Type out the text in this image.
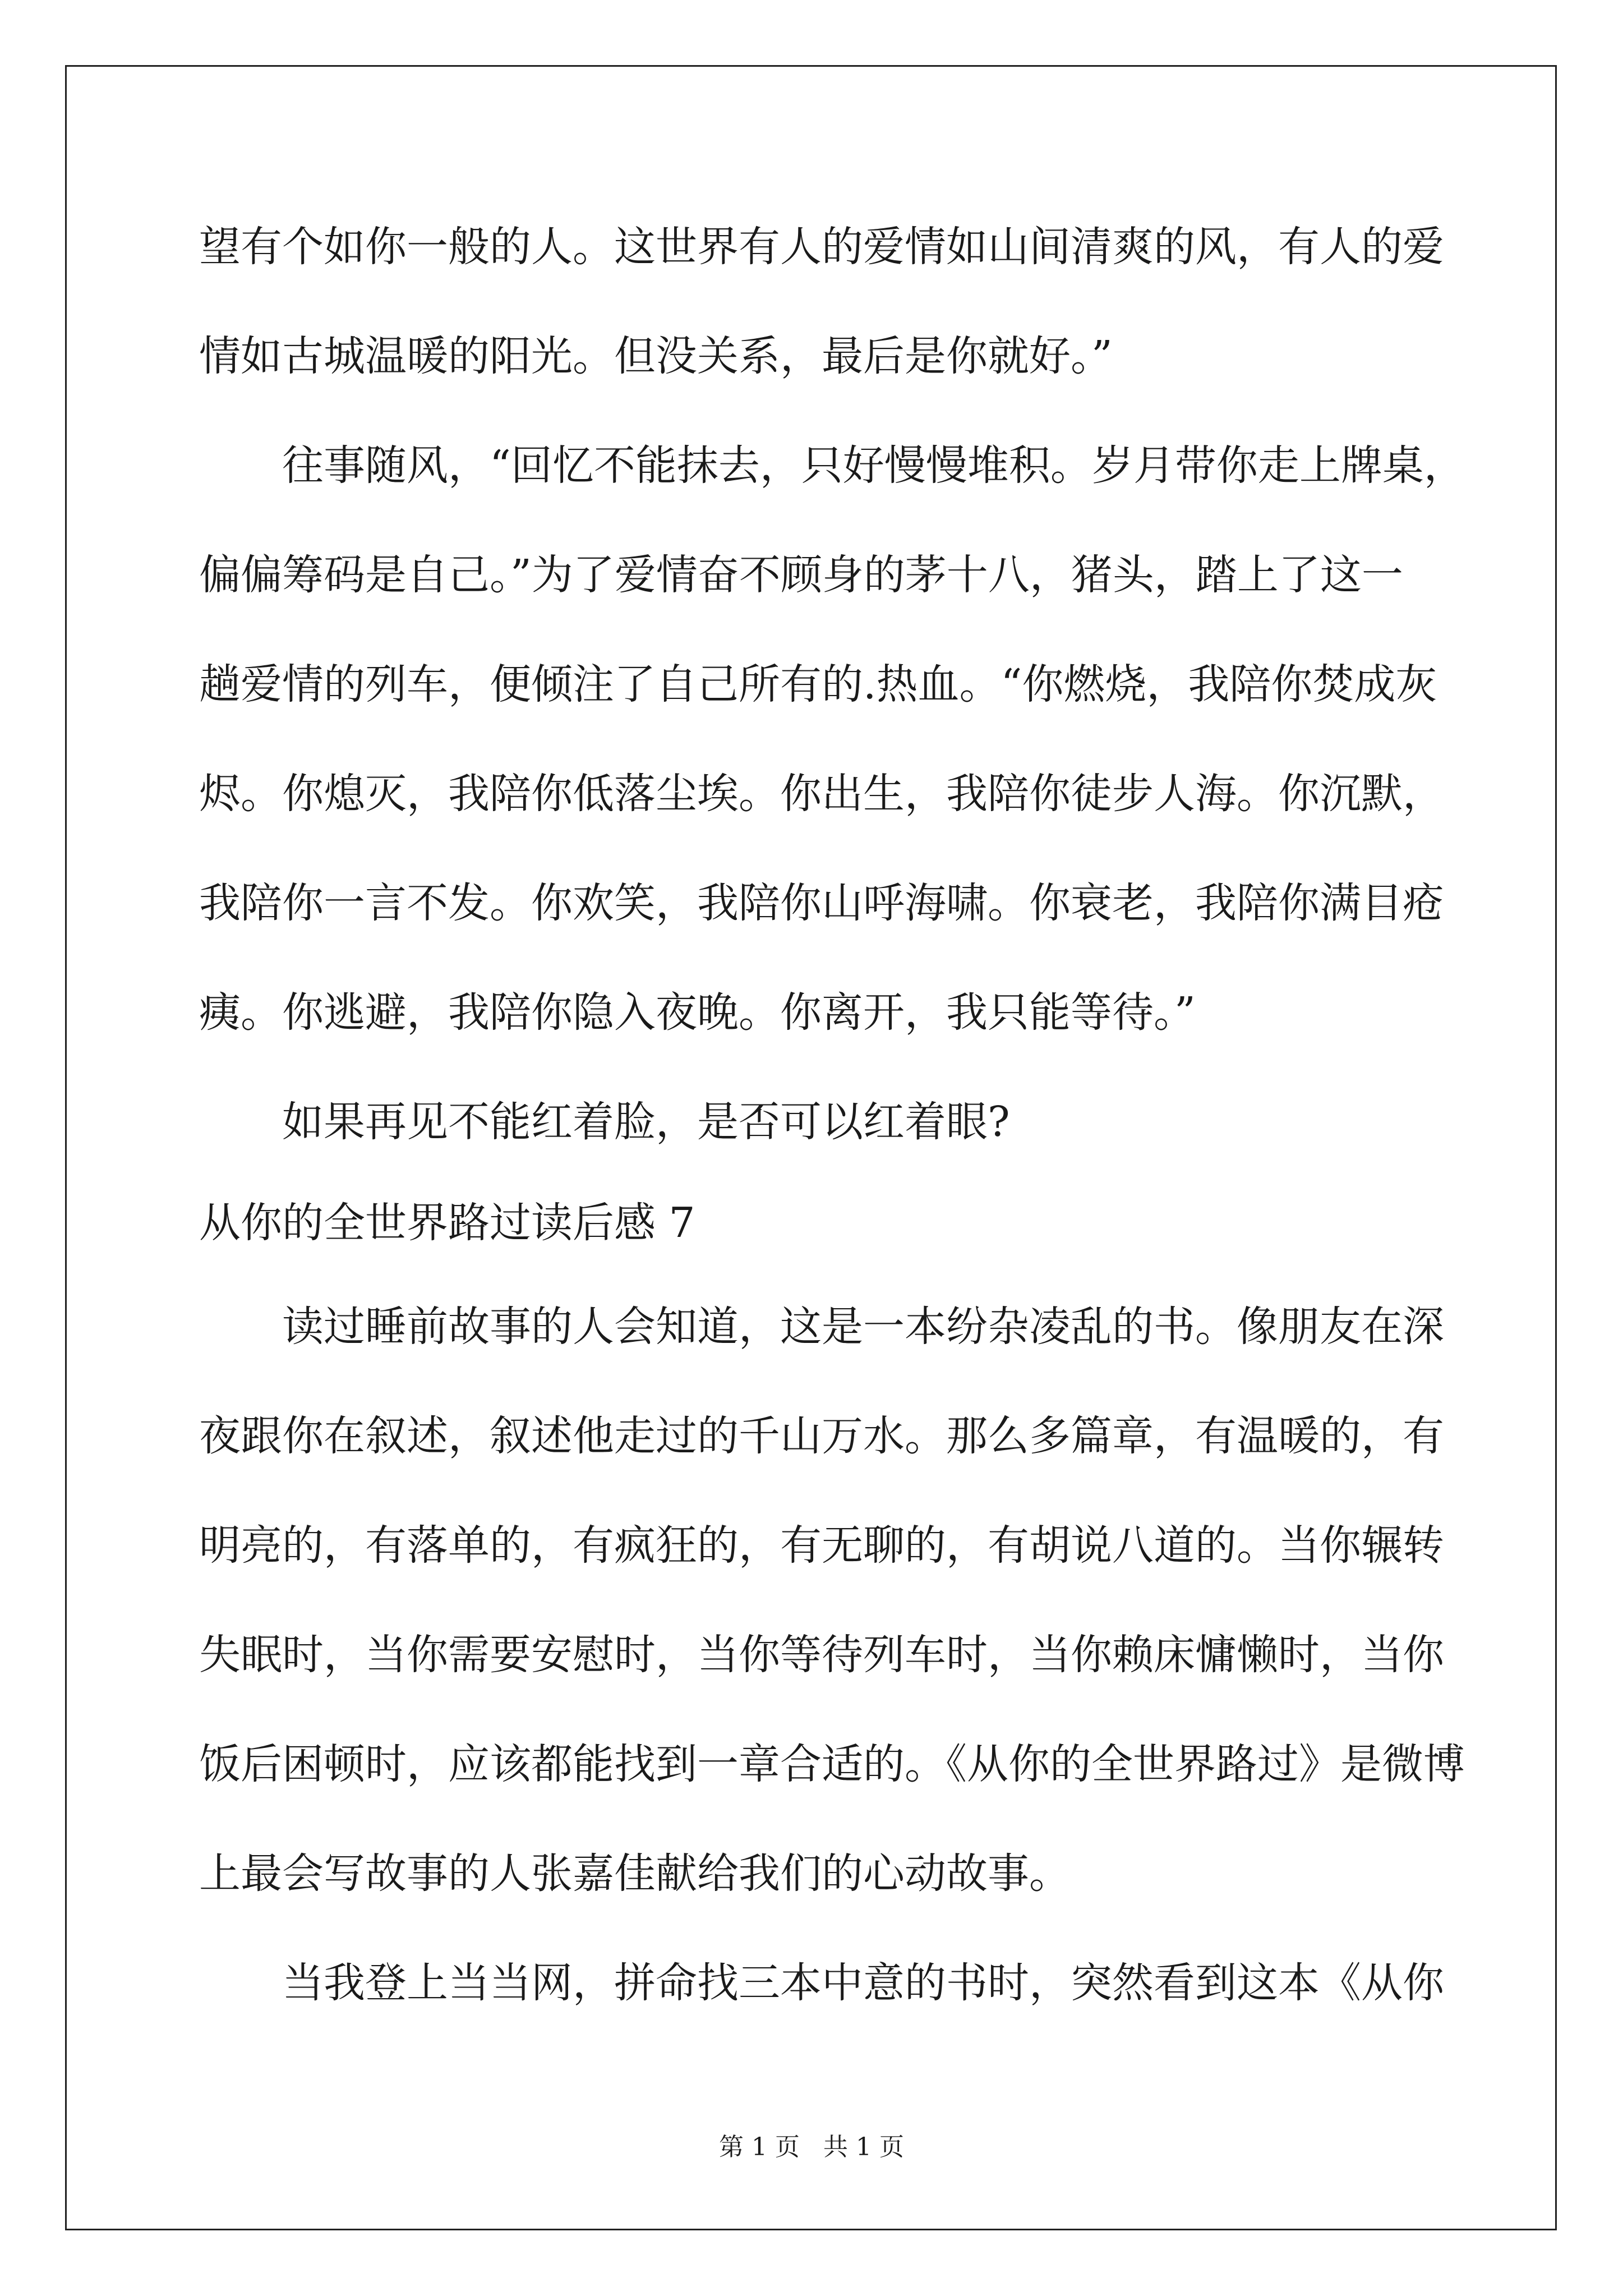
望有个如你一般的人。这世界有人的爱情如山间清爽的风，有人的爱

情如古城温暖的阳光。但没关系，最后是你就好。”

往事随风，“回忆不能抹去，只好慢慢堆积。岁月带你走上牌桌，

偏偏筹码是自己。”为了爱情奋不顾身的茅十八，猪头，踏上了这一

趟爱情的列车，便倾注了自己所有的.热血。“你燃烧，我陪你焚成灰

烬。你熄灭，我陪你低落尘埃。你出生，我陪你徒步人海。你沉默，

我陪你一言不发。你欢笑，我陪你山呼海啸。你衰老，我陪你满目疮

痍。你逃避，我陪你隐入夜晚。你离开，我只能等待。”

如果再见不能红着脸，是否可以红着眼?

从你的全世界路过读后感 7

读过睡前故事的人会知道，这是一本纷杂凌乱的书。像朋友在深

夜跟你在叙述，叙述他走过的千山万水。那么多篇章，有温暖的，有

明亮的，有落单的，有疯狂的，有无聊的，有胡说八道的。当你辗转

失眠时，当你需要安慰时，当你等待列车时，当你赖床慵懒时，当你

饭后困顿时，应该都能找到一章合适的。《从你的全世界路过》是微博

上最会写故事的人张嘉佳献给我们的心动故事。

当我登上当当网，拼命找三本中意的书时，突然看到这本《从你

第 1 页   共 1 页
